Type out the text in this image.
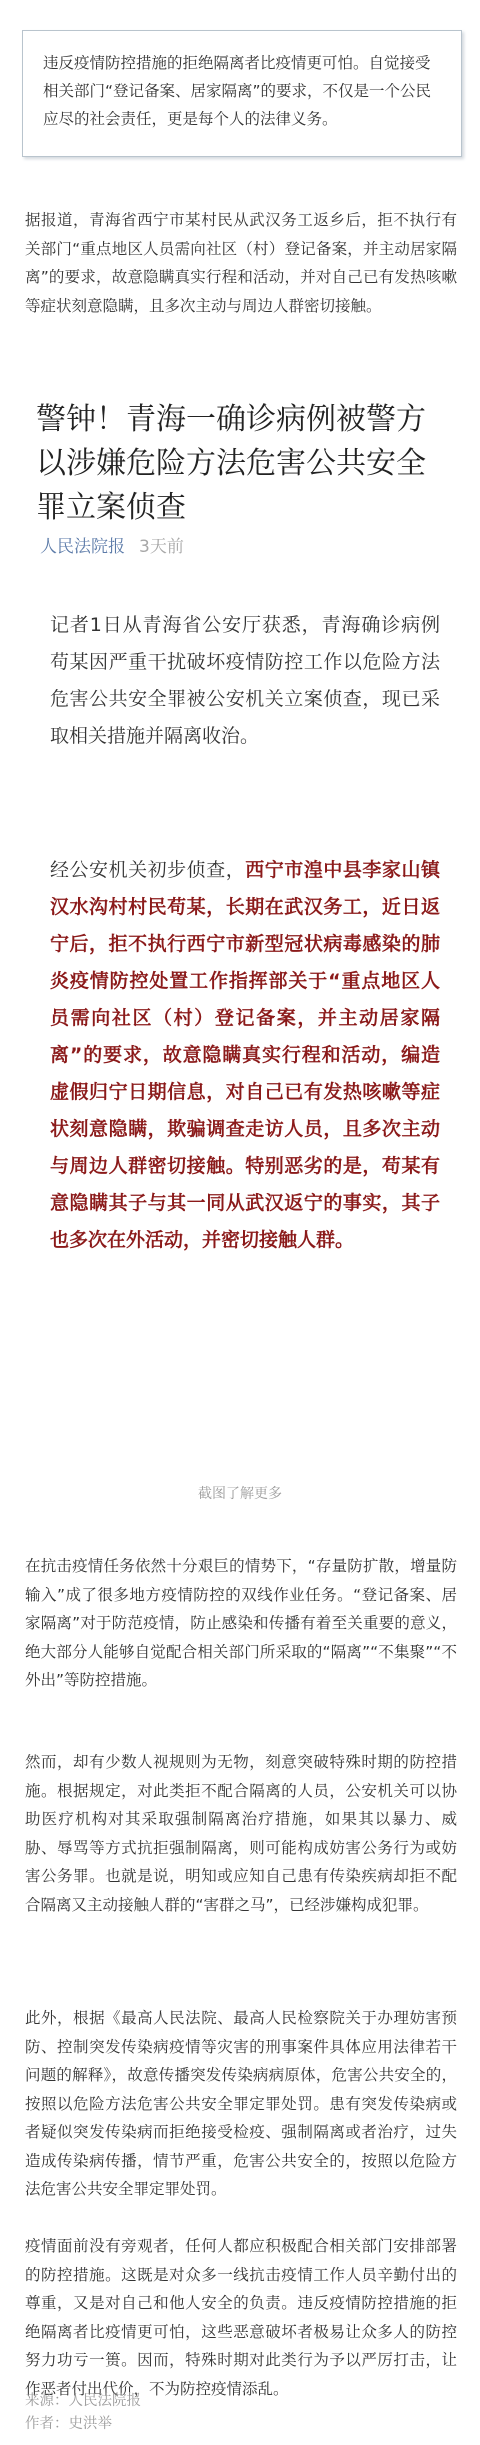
违反疫情防控措施的拒绝隔离者比疫情更可怕。自觉接受相关部门“登记备案、居家隔离”的要求，不仅是一个公民应尽的社会责任，更是每个人的法律义务。

据报道，青海省西宁市某村民从武汉务工返乡后，拒不执行有关部门“重点地区人员需向社区（村）登记备案，并主动居家隔离”的要求，故意隐瞒真实行程和活动，并对自己已有发热咳嗽等症状刻意隐瞒，且多次主动与周边人群密切接触。

警钟！青海一确诊病例被警方以涉嫌危险方法危害公共安全罪立案侦查
人民法院报 3天前

记者1日从青海省公安厅获悉，青海确诊病例苟某因严重干扰破坏疫情防控工作以危险方法危害公共安全罪被公安机关立案侦查，现已采取相关措施并隔离收治。

经公安机关初步侦查，西宁市湟中县李家山镇汉水沟村村民苟某，长期在武汉务工，近日返宁后，拒不执行西宁市新型冠状病毒感染的肺炎疫情防控处置工作指挥部关于“重点地区人员需向社区（村）登记备案，并主动居家隔离”的要求，故意隐瞒真实行程和活动，编造虚假归宁日期信息，对自己已有发热咳嗽等症状刻意隐瞒，欺骗调查走访人员，且多次主动与周边人群密切接触。特别恶劣的是，苟某有意隐瞒其子与其一同从武汉返宁的事实，其子也多次在外活动，并密切接触人群。

截图了解更多

在抗击疫情任务依然十分艰巨的情势下，“存量防扩散，增量防输入”成了很多地方疫情防控的双线作业任务。“登记备案、居家隔离”对于防范疫情，防止感染和传播有着至关重要的意义，绝大部分人能够自觉配合相关部门所采取的“隔离”“不集聚”“不外出”等防控措施。

然而，却有少数人视规则为无物，刻意突破特殊时期的防控措施。根据规定，对此类拒不配合隔离的人员，公安机关可以协助医疗机构对其采取强制隔离治疗措施，如果其以暴力、威胁、辱骂等方式抗拒强制隔离，则可能构成妨害公务行为或妨害公务罪。也就是说，明知或应知自己患有传染疾病却拒不配合隔离又主动接触人群的“害群之马”，已经涉嫌构成犯罪。

此外，根据《最高人民法院、最高人民检察院关于办理妨害预防、控制突发传染病疫情等灾害的刑事案件具体应用法律若干问题的解释》，故意传播突发传染病病原体，危害公共安全的，按照以危险方法危害公共安全罪定罪处罚。患有突发传染病或者疑似突发传染病而拒绝接受检疫、强制隔离或者治疗，过失造成传染病传播，情节严重，危害公共安全的，按照以危险方法危害公共安全罪定罪处罚。

疫情面前没有旁观者，任何人都应积极配合相关部门安排部署的防控措施。这既是对众多一线抗击疫情工作人员辛勤付出的尊重，又是对自己和他人安全的负责。违反疫情防控措施的拒绝隔离者比疫情更可怕，这些恶意破坏者极易让众多人的防控努力功亏一篑。因而，特殊时期对此类行为予以严厉打击，让作恶者付出代价，不为防控疫情添乱。

来源：人民法院报
作者：史洪举
